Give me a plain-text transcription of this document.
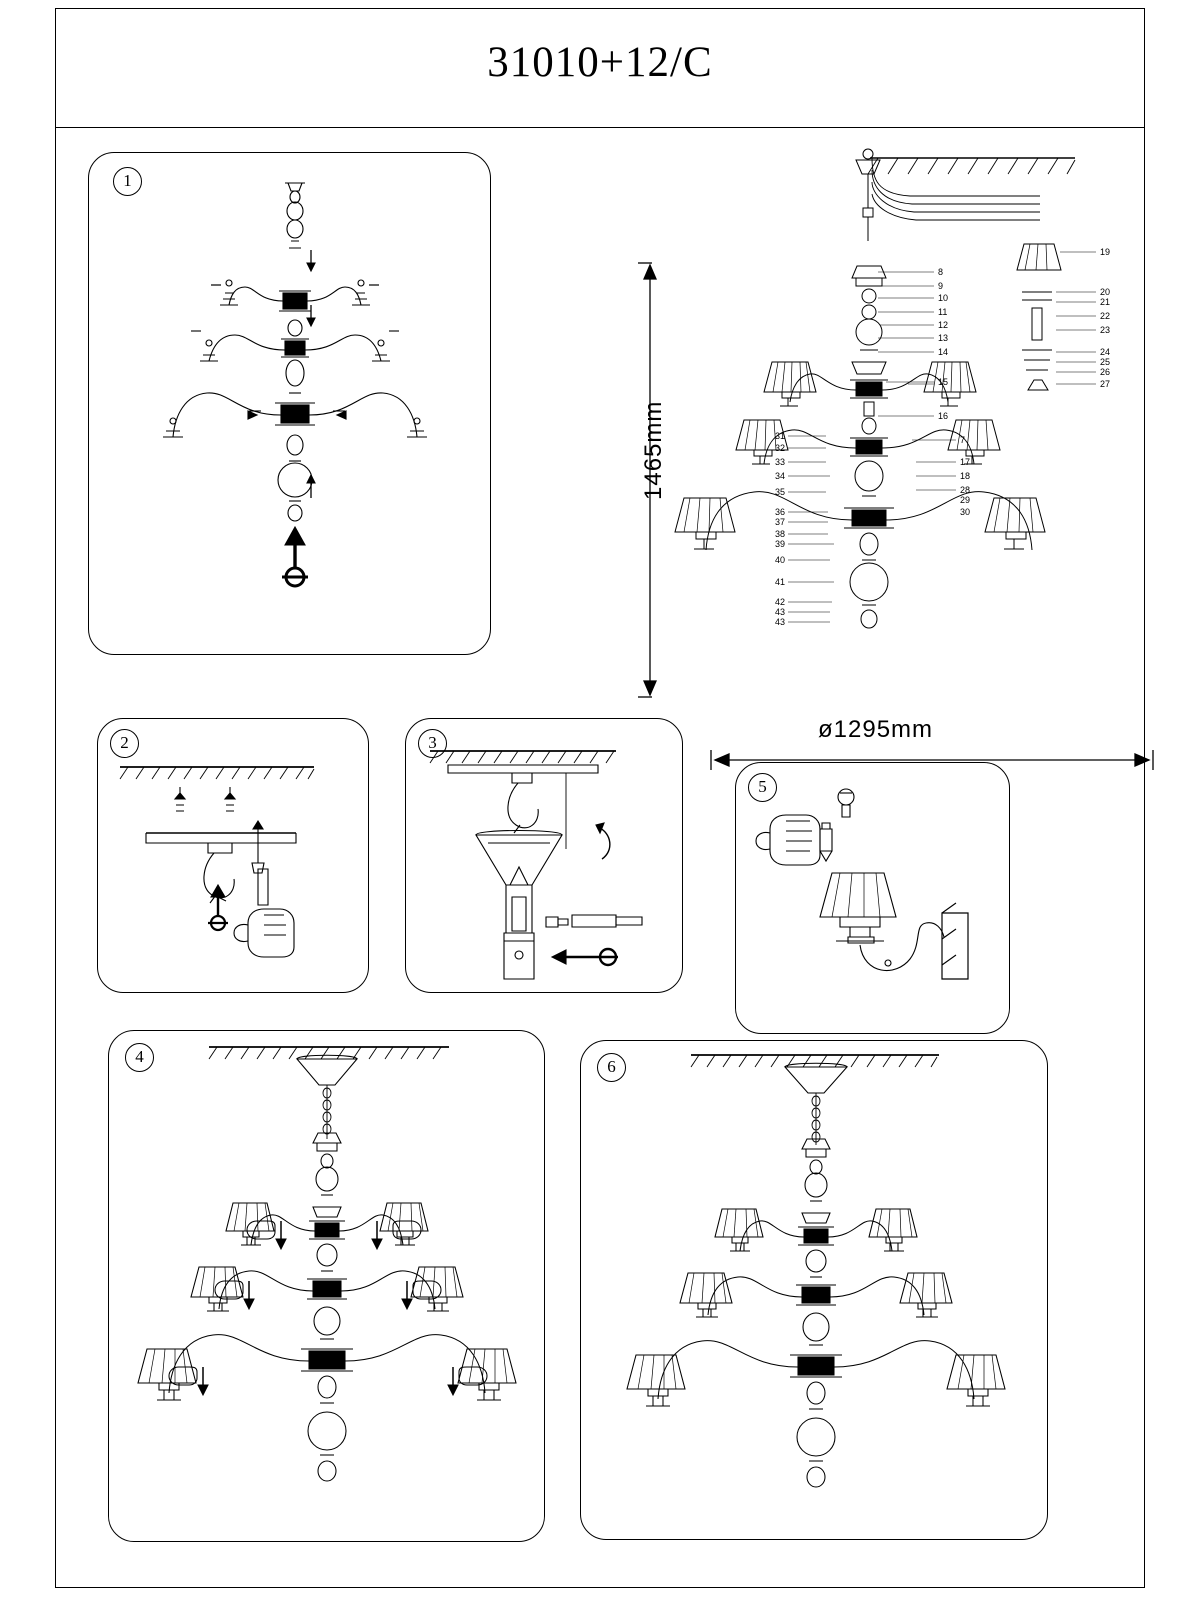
31010+12/C
1
8
9
10
11
12
13
14
15
16
7
17
18
28
31
32
33
34
35
36
37
38
39
40
41
42
43
43
19
20
21
22
23
24
25
26
27
29
30
1465mm
ø1295mm
2	3
5
4
6
